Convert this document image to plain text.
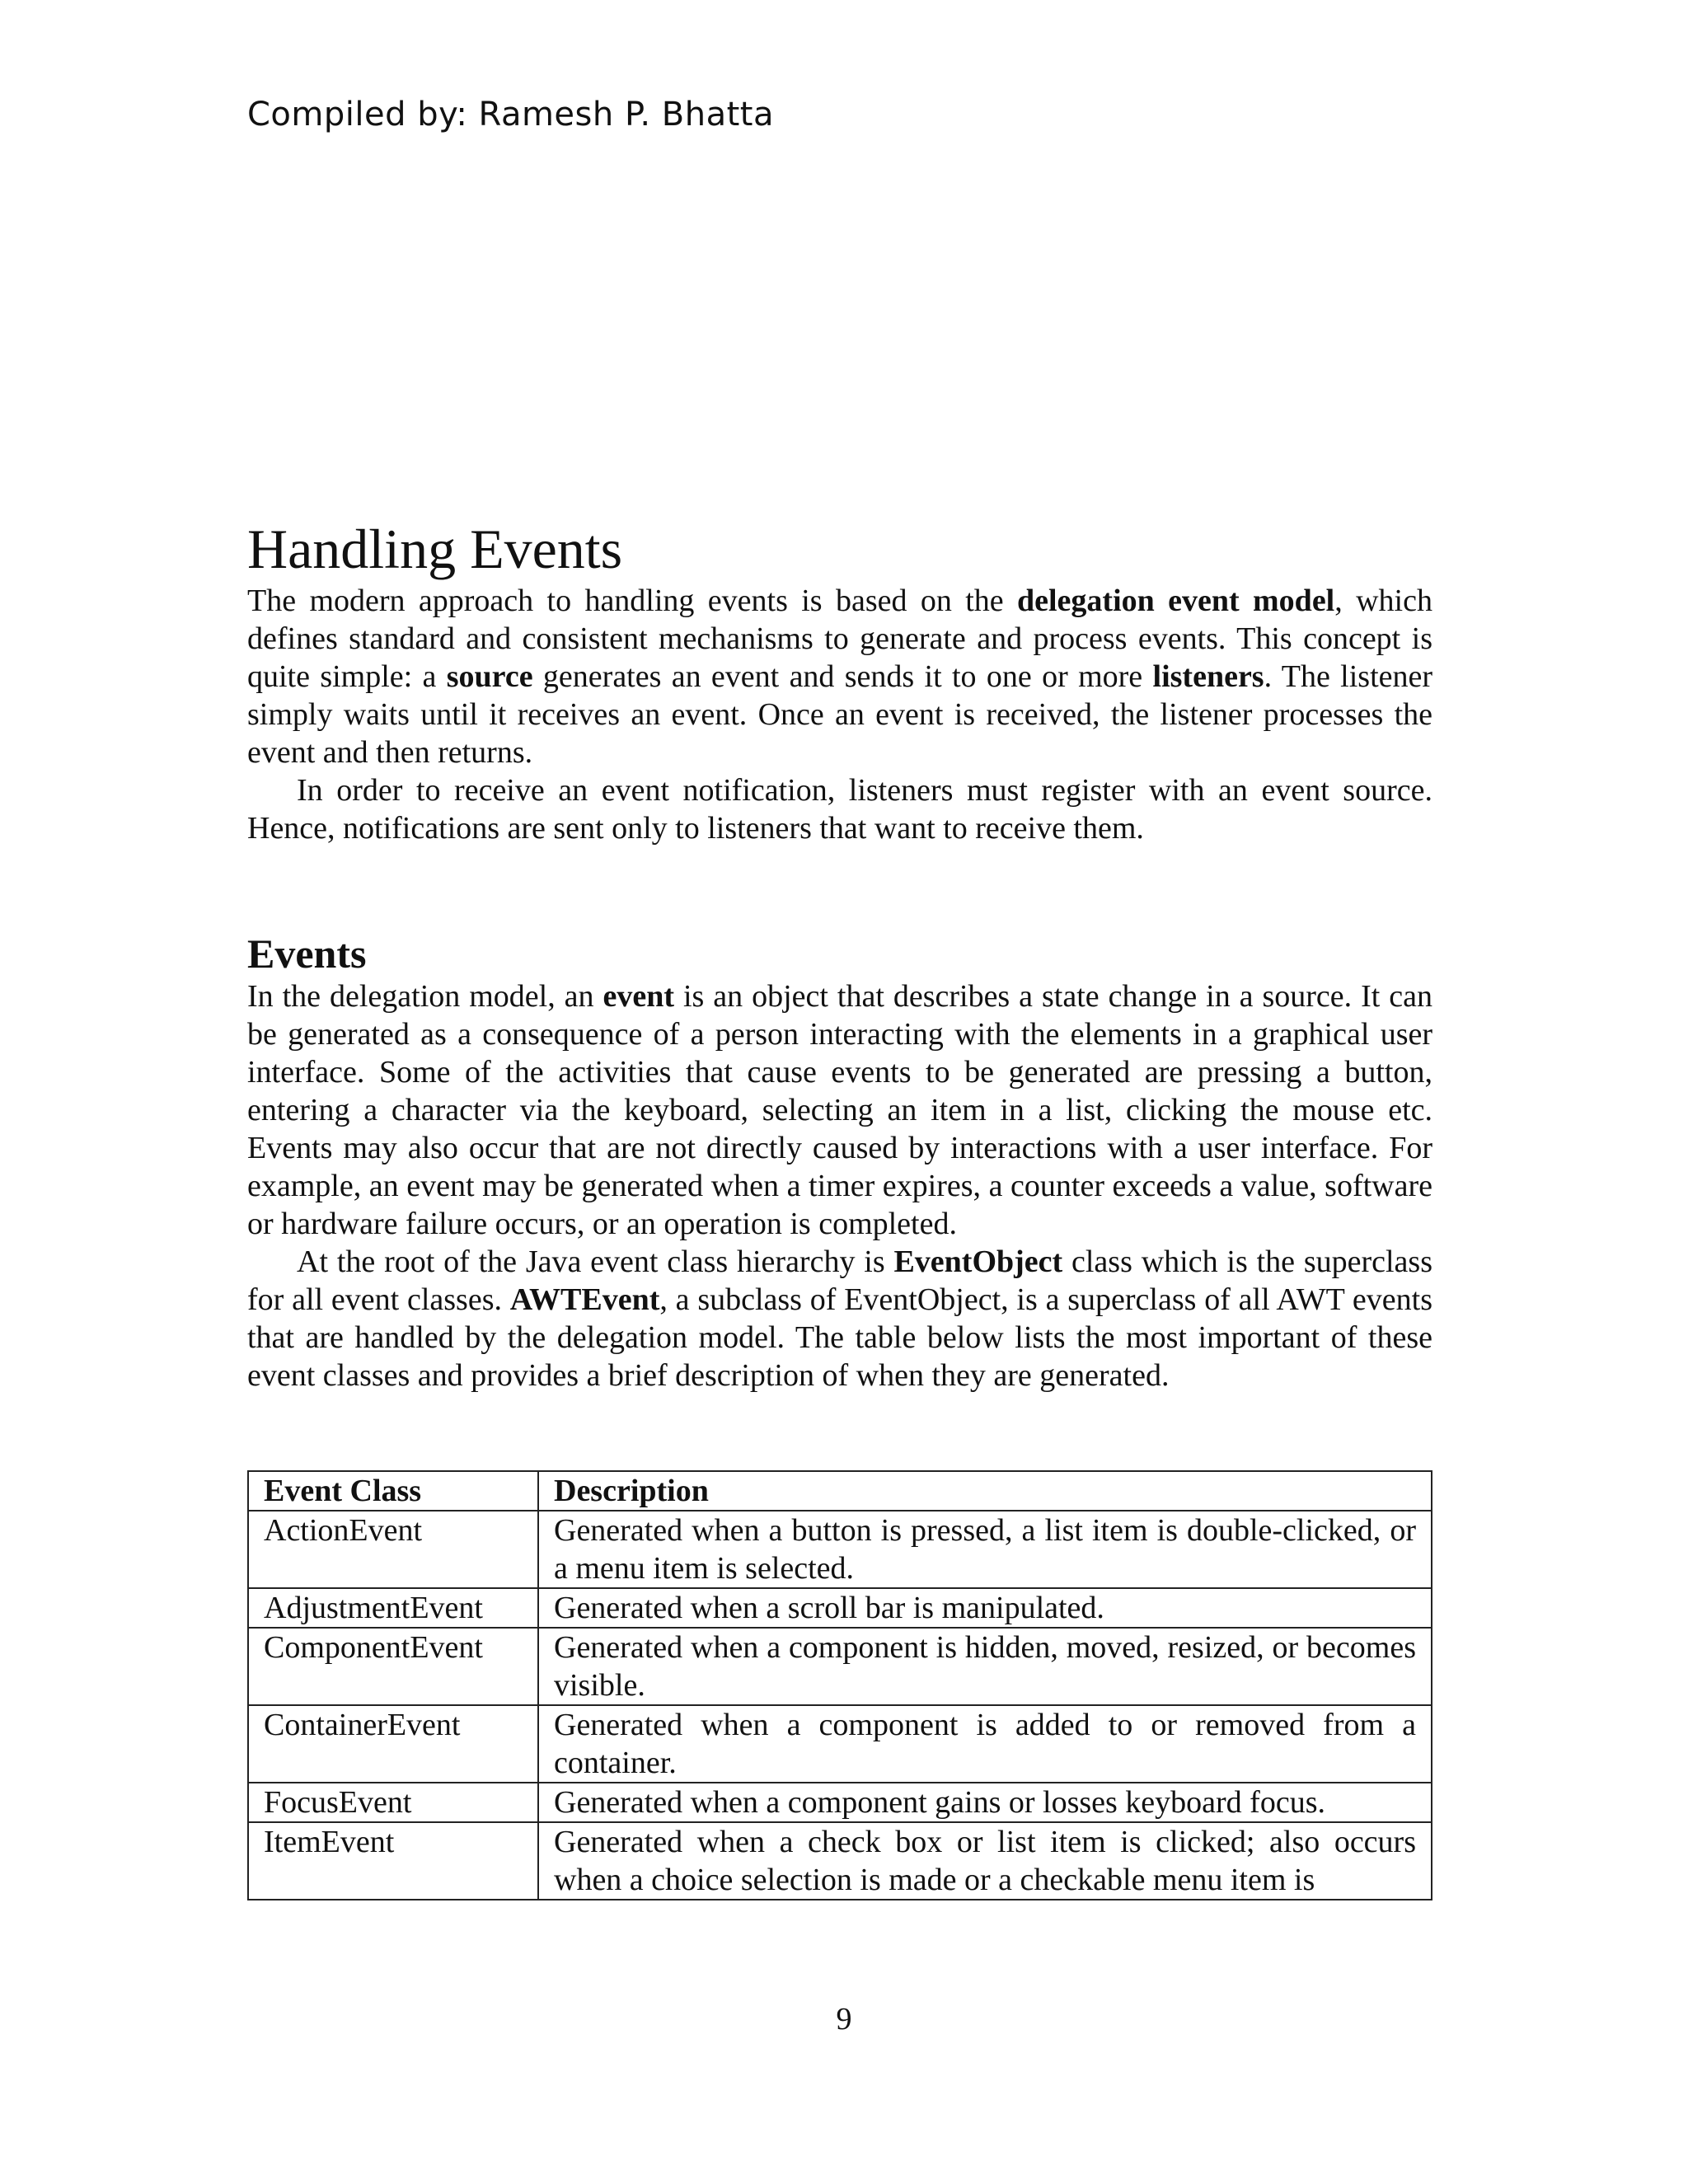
Compiled by: Ramesh P. Bhatta
Handling Events

The modern approach to handling events is based on the delegation event model, which defines standard and consistent mechanisms to generate and process events. This concept is quite simple: a source generates an event and sends it to one or more listeners. The listener simply waits until it receives an event. Once an event is received, the listener processes the event and then returns.

In order to receive an event notification, listeners must register with an event source. Hence, notifications are sent only to listeners that want to receive them.

Events

In the delegation model, an event is an object that describes a state change in a source. It can be generated as a consequence of a person interacting with the elements in a graphical user interface. Some of the activities that cause events to be generated are pressing a button, entering a character via the keyboard, selecting an item in a list, clicking the mouse etc. Events may also occur that are not directly caused by interactions with a user interface. For example, an event may be generated when a timer expires, a counter exceeds a value, software or hardware failure occurs, or an operation is completed.

At the root of the Java event class hierarchy is EventObject class which is the superclass for all event classes. AWTEvent, a subclass of EventObject, is a superclass of all AWT events that are handled by the delegation model. The table below lists the most important of these event classes and provides a brief description of when they are generated.

Event Class	Description
ActionEvent	Generated when a button is pressed, a list item is double-clicked, or a menu item is selected.
AdjustmentEvent	Generated when a scroll bar is manipulated.
ComponentEvent	Generated when a component is hidden, moved, resized, or becomes visible.
ContainerEvent	Generated when a component is added to or removed from a container.
FocusEvent	Generated when a component gains or losses keyboard focus.
ItemEvent	Generated when a check box or list item is clicked; also occurs when a choice selection is made or a checkable menu item is
9
